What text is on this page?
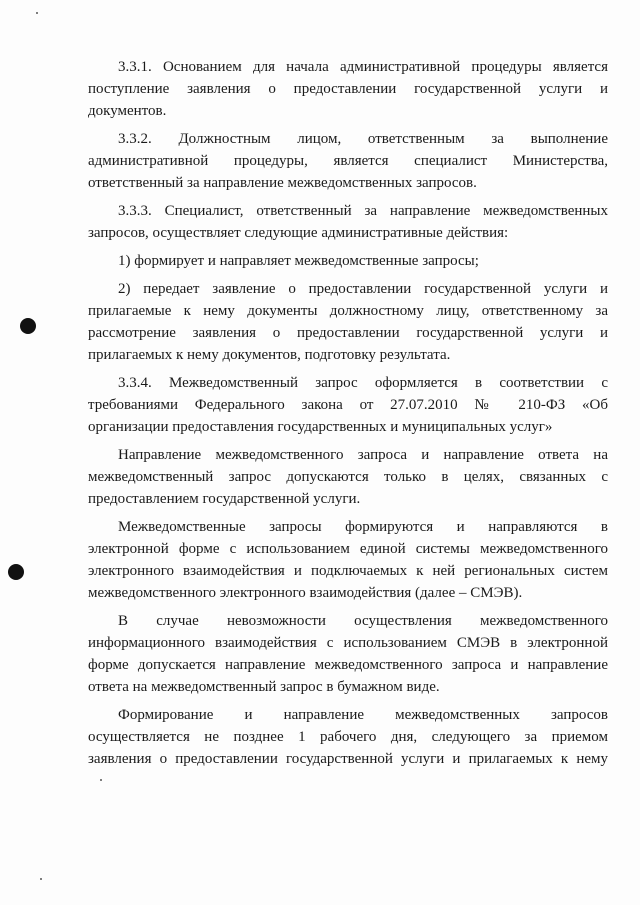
3.3.1. Основанием для начала административной процедуры является
поступление заявления о предоставлении государственной услуги и
документов.
3.3.2. Должностным лицом, ответственным за выполнение
административной процедуры, является специалист Министерства,
ответственный за направление межведомственных запросов.
3.3.3. Специалист, ответственный за направление межведомственных
запросов, осуществляет следующие административные действия:
1) формирует и направляет межведомственные запросы;
2) передает заявление о предоставлении государственной услуги и
прилагаемые к нему документы должностному лицу, ответственному за
рассмотрение заявления о предоставлении государственной услуги и
прилагаемых к нему документов, подготовку результата.
3.3.4. Межведомственный запрос оформляется в соответствии с
требованиями Федерального закона от 27.07.2010 № 210-ФЗ «Об
организации предоставления государственных и муниципальных услуг»
Направление межведомственного запроса и направление ответа на
межведомственный запрос допускаются только в целях, связанных с
предоставлением государственной услуги.
Межведомственные запросы формируются и направляются в
электронной форме с использованием единой системы межведомственного
электронного взаимодействия и подключаемых к ней региональных систем
межведомственного электронного взаимодействия (далее – СМЭВ).
В случае невозможности осуществления межведомственного
информационного взаимодействия с использованием СМЭВ в электронной
форме допускается направление межведомственного запроса и направление
ответа на межведомственный запрос в бумажном виде.
Формирование и направление межведомственных запросов
осуществляется не позднее 1 рабочего дня, следующего за приемом
заявления о предоставлении государственной услуги и прилагаемых к нему
